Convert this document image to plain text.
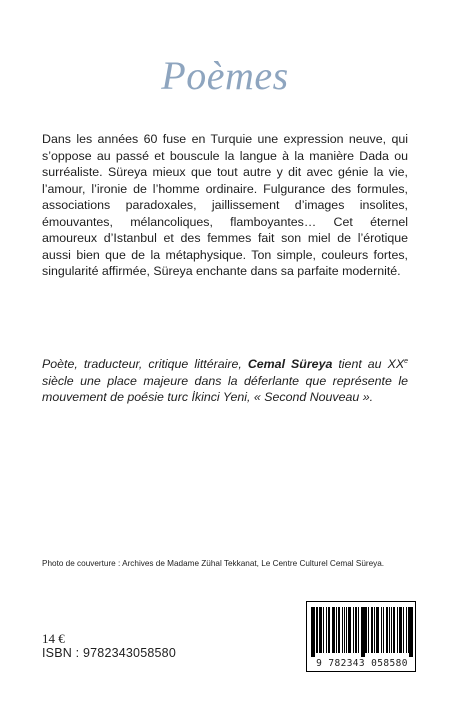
Poèmes

Dans les années 60 fuse en Turquie une expression neuve, qui s’oppose au passé et bouscule la langue à la manière Dada ou surréaliste. Süreya mieux que tout autre y dit avec génie la vie, l’amour, l’ironie de l’homme ordinaire. Fulgurance des formules, associations paradoxales, jaillissement d’images insolites, émouvantes, mélancoliques, flamboyantes… Cet éternel amoureux d’Istanbul et des femmes fait son miel de l’érotique aussi bien que de la métaphysique. Ton simple, couleurs fortes, singularité affirmée, Süreya enchante dans sa parfaite modernité.

Poète, traducteur, critique littéraire, Cemal Süreya tient au XXe siècle une place majeure dans la déferlante que représente le mouvement de poésie turc İkinci Yeni, « Second Nouveau ».

Photo de couverture : Archives de Madame Zühal Tekkanat, Le Centre Culturel Cemal Süreya.
14 €
ISBN : 9782343058580
9 782343 058580
